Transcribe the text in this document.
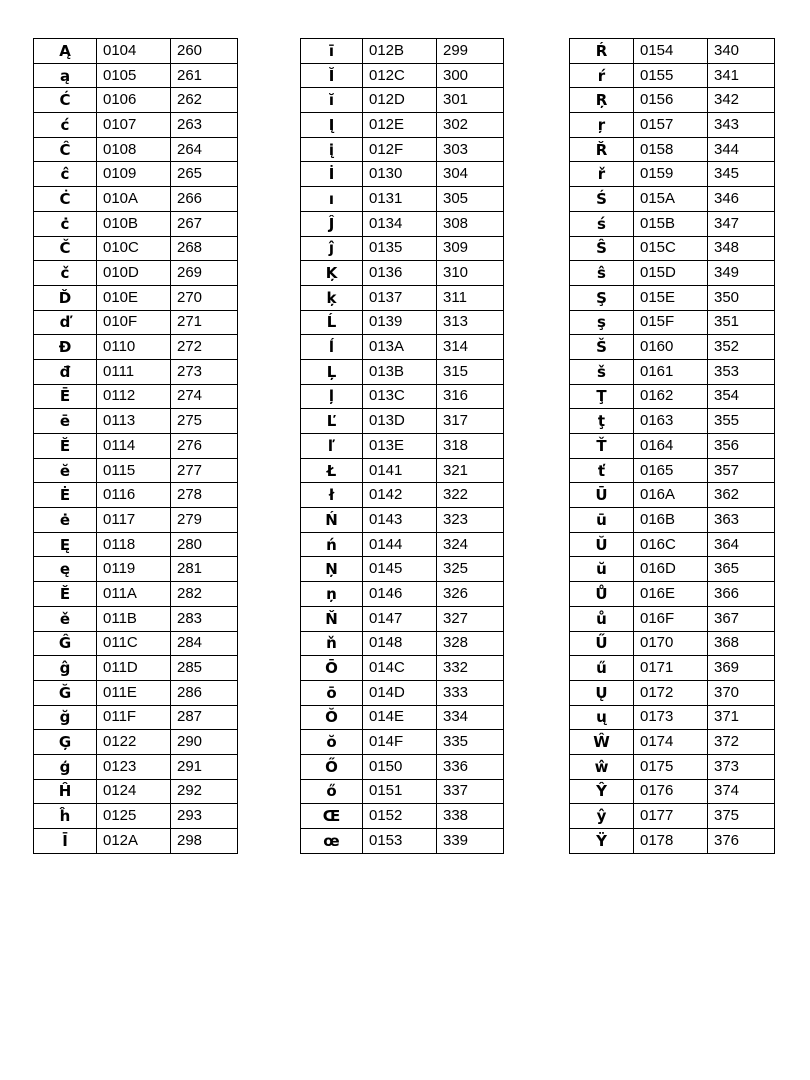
Ą	0104	260
ą	0105	261
Ć	0106	262
ć	0107	263
Ĉ	0108	264
ĉ	0109	265
Ċ	010A	266
ċ	010B	267
Č	010C	268
č	010D	269
Ď	010E	270
ď	010F	271
Đ	0110	272
đ	0111	273
Ē	0112	274
ē	0113	275
Ĕ	0114	276
ĕ	0115	277
Ė	0116	278
ė	0117	279
Ę	0118	280
ę	0119	281
Ě	011A	282
ě	011B	283
Ĝ	011C	284
ĝ	011D	285
Ğ	011E	286
ğ	011F	287
Ģ	0122	290
ģ	0123	291
Ĥ	0124	292
ĥ	0125	293
Ī	012A	298
ī	012B	299
Ĭ	012C	300
ĭ	012D	301
Į	012E	302
į	012F	303
İ	0130	304
ı	0131	305
Ĵ	0134	308
ĵ	0135	309
Ķ	0136	310
ķ	0137	311
Ĺ	0139	313
ĺ	013A	314
Ļ	013B	315
ļ	013C	316
Ľ	013D	317
ľ	013E	318
Ł	0141	321
ł	0142	322
Ń	0143	323
ń	0144	324
Ņ	0145	325
ņ	0146	326
Ň	0147	327
ň	0148	328
Ō	014C	332
ō	014D	333
Ŏ	014E	334
ŏ	014F	335
Ő	0150	336
ő	0151	337
Œ	0152	338
œ	0153	339
Ŕ	0154	340
ŕ	0155	341
Ŗ	0156	342
ŗ	0157	343
Ř	0158	344
ř	0159	345
Ś	015A	346
ś	015B	347
Ŝ	015C	348
ŝ	015D	349
Ş	015E	350
ş	015F	351
Š	0160	352
š	0161	353
Ţ	0162	354
ţ	0163	355
Ť	0164	356
ť	0165	357
Ū	016A	362
ū	016B	363
Ŭ	016C	364
ŭ	016D	365
Ů	016E	366
ů	016F	367
Ű	0170	368
ű	0171	369
Ų	0172	370
ų	0173	371
Ŵ	0174	372
ŵ	0175	373
Ŷ	0176	374
ŷ	0177	375
Ÿ	0178	376
